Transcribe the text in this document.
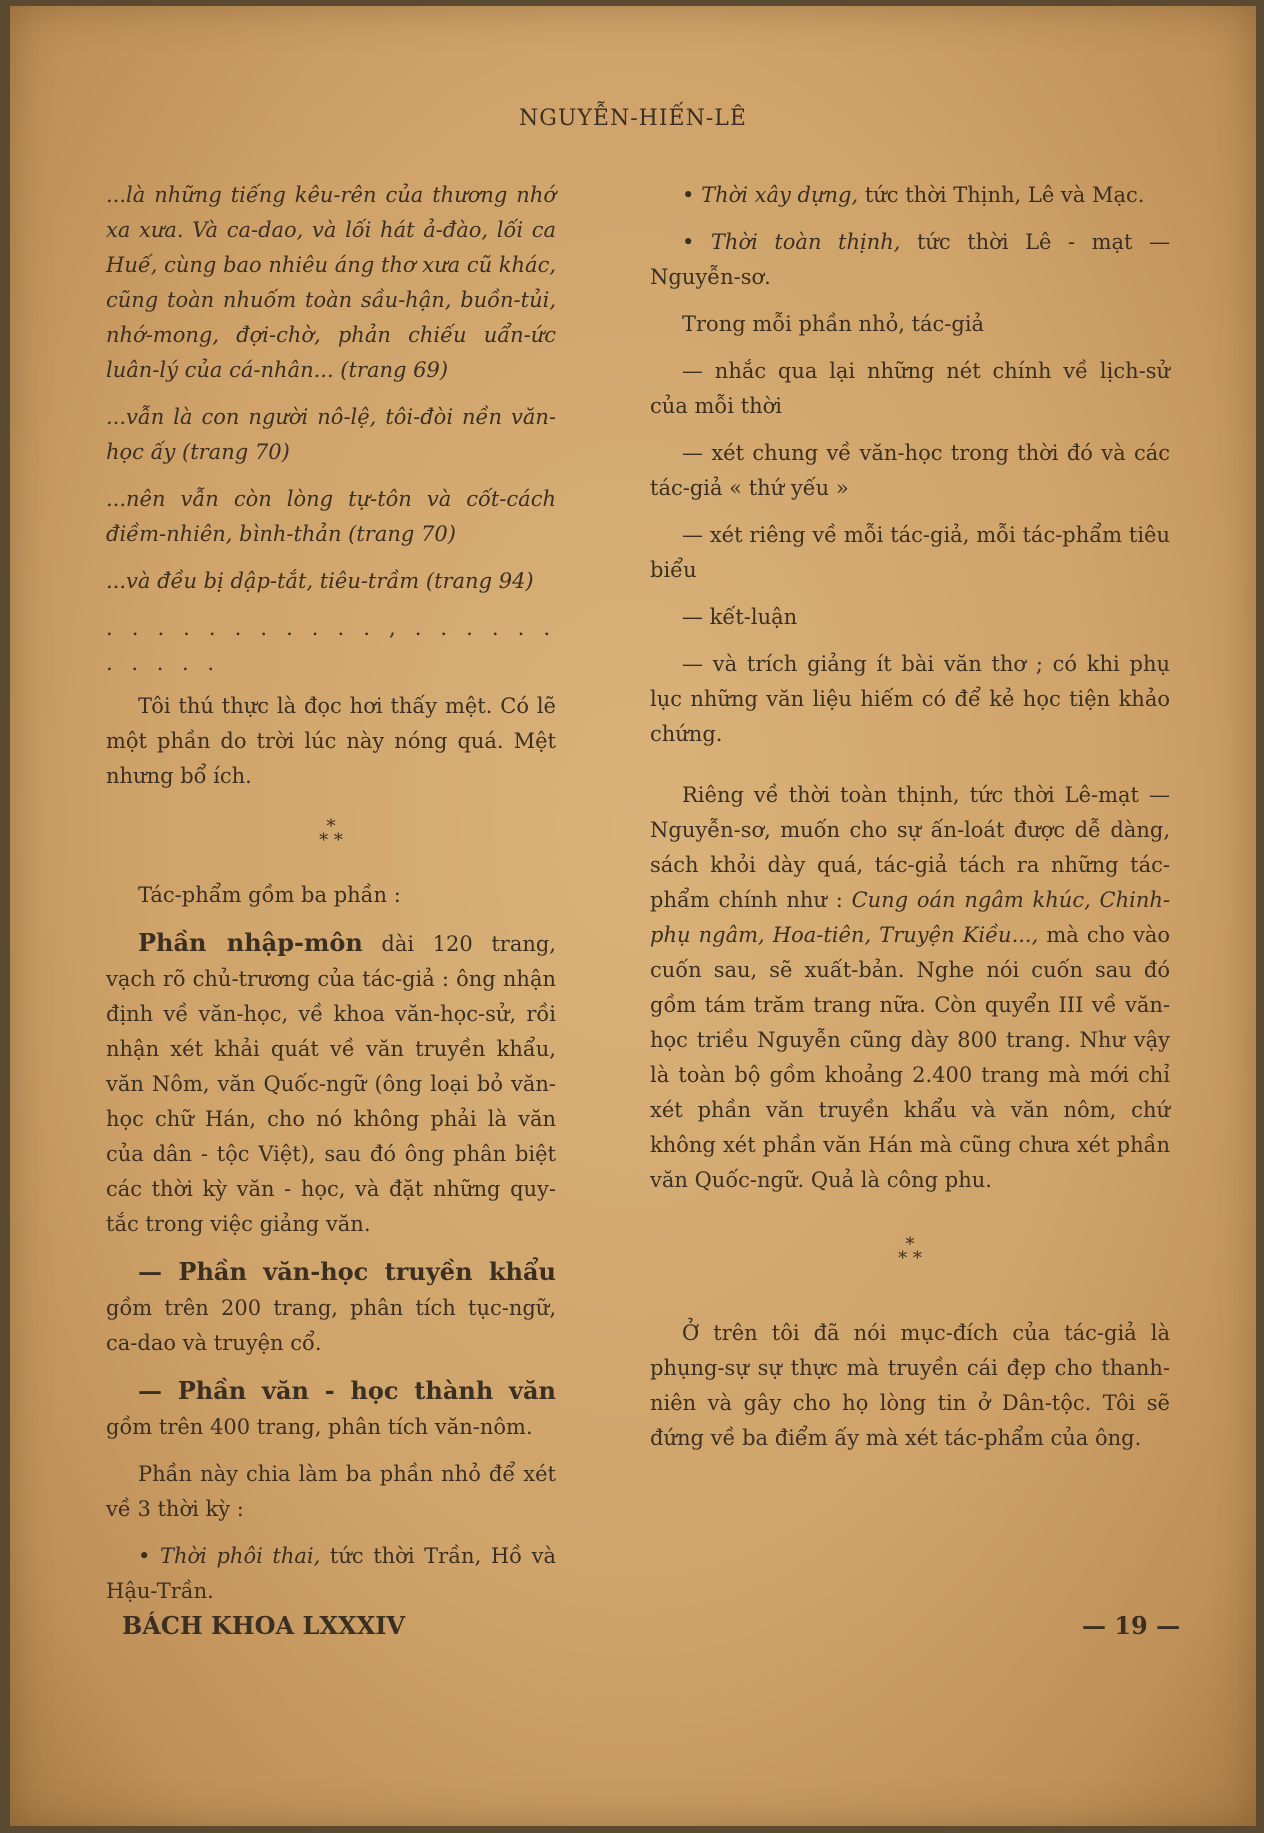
NGUYỄN-HIẾN-LÊ

...là những tiếng kêu-rên của thương nhớ xa xưa. Và ca-dao, và lối hát ả-đào, lối ca Huế, cùng bao nhiêu áng thơ xưa cũ khác, cũng toàn nhuốm toàn sầu-hận, buồn-tủi, nhớ-mong, đợi-chờ, phản chiếu uẩn-ức luân-lý của cá-nhân... (trang 69)

...vẫn là con người nô-lệ, tôi-đòi nền văn-học ấy (trang 70)

...nên vẫn còn lòng tự-tôn và cốt-cách điềm-nhiên, bình-thản (trang 70)

...và đều bị dập-tắt, tiêu-trầm (trang 94)

. . . . . . . . . . . , . . . . . . . . . . .

Tôi thú thực là đọc hơi thấy mệt. Có lẽ một phần do trời lúc này nóng quá. Mệt nhưng bổ ích.

*
* *

Tác-phẩm gồm ba phần :

Phần nhập-môn dài 120 trang, vạch rõ chủ-trương của tác-giả : ông nhận định về văn-học, về khoa văn-học-sử, rồi nhận xét khải quát về văn truyền khẩu, văn Nôm, văn Quốc-ngữ (ông loại bỏ văn-học chữ Hán, cho nó không phải là văn của dân - tộc Việt), sau đó ông phân biệt các thời kỳ văn - học, và đặt những quy-tắc trong việc giảng văn.

— Phần văn-học truyền khẩu gồm trên 200 trang, phân tích tục-ngữ, ca-dao và truyện cổ.

— Phần văn - học thành văn gồm trên 400 trang, phân tích văn-nôm.

Phần này chia làm ba phần nhỏ để xét về 3 thời kỳ :

• Thời phôi thai, tức thời Trần, Hồ và Hậu-Trần.

• Thời xây dựng, tức thời Thịnh, Lê và Mạc.

• Thời toàn thịnh, tức thời Lê - mạt — Nguyễn-sơ.

Trong mỗi phần nhỏ, tác-giả

— nhắc qua lại những nét chính về lịch-sử của mỗi thời

— xét chung về văn-học trong thời đó và các tác-giả « thứ yếu »

— xét riêng về mỗi tác-giả, mỗi tác-phẩm tiêu biểu

— kết-luận

— và trích giảng ít bài văn thơ ; có khi phụ lục những văn liệu hiếm có để kẻ học tiện khảo chứng.

Riêng về thời toàn thịnh, tức thời Lê-mạt — Nguyễn-sơ, muốn cho sự ấn-loát được dễ dàng, sách khỏi dày quá, tác-giả tách ra những tác-phẩm chính như : Cung oán ngâm khúc, Chinh-phụ ngâm, Hoa-tiên, Truyện Kiều..., mà cho vào cuốn sau, sẽ xuất-bản. Nghe nói cuốn sau đó gồm tám trăm trang nữa. Còn quyển III về văn-học triều Nguyễn cũng dày 800 trang. Như vậy là toàn bộ gồm khoảng 2.400 trang mà mới chỉ xét phần văn truyền khẩu và văn nôm, chứ không xét phần văn Hán mà cũng chưa xét phần văn Quốc-ngữ. Quả là công phu.

*
* *

Ở trên tôi đã nói mục-đích của tác-giả là phụng-sự sự thực mà truyền cái đẹp cho thanh-niên và gây cho họ lòng tin ở Dân-tộc. Tôi sẽ đứng về ba điểm ấy mà xét tác-phẩm của ông.

BÁCH KHOA LXXXIV	— 19 —
